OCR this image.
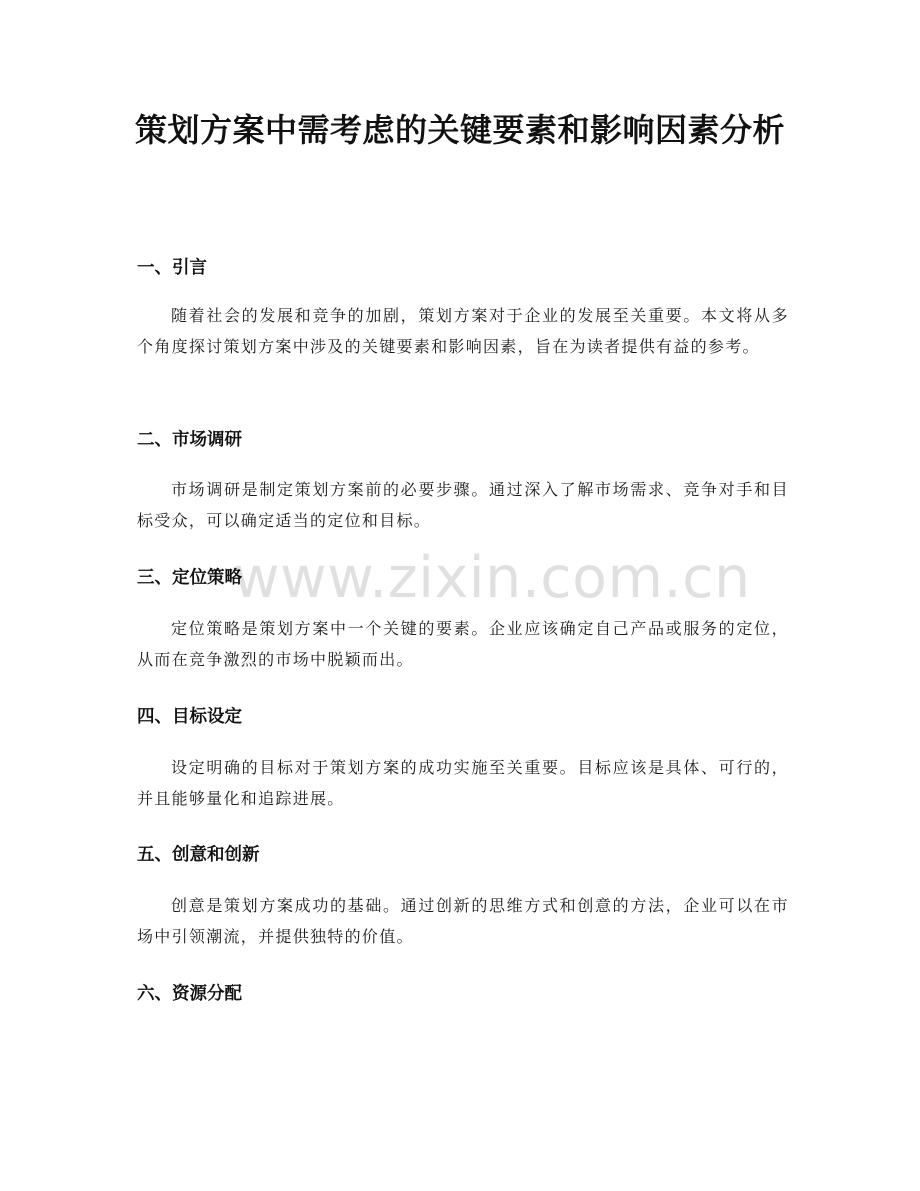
策划方案中需考虑的关键要素和影响因素分析
一、引言

随着社会的发展和竞争的加剧，策划方案对于企业的发展至关重要。本文将从多个角度探讨策划方案中涉及的关键要素和影响因素，旨在为读者提供有益的参考。

二、市场调研

市场调研是制定策划方案前的必要步骤。通过深入了解市场需求、竞争对手和目标受众，可以确定适当的定位和目标。

三、定位策略

定位策略是策划方案中一个关键的要素。企业应该确定自己产品或服务的定位，从而在竞争激烈的市场中脱颖而出。

四、目标设定

设定明确的目标对于策划方案的成功实施至关重要。目标应该是具体、可行的，并且能够量化和追踪进展。

五、创意和创新

创意是策划方案成功的基础。通过创新的思维方式和创意的方法，企业可以在市场中引领潮流，并提供独特的价值。

六、资源分配
www.zixin.com.cn
